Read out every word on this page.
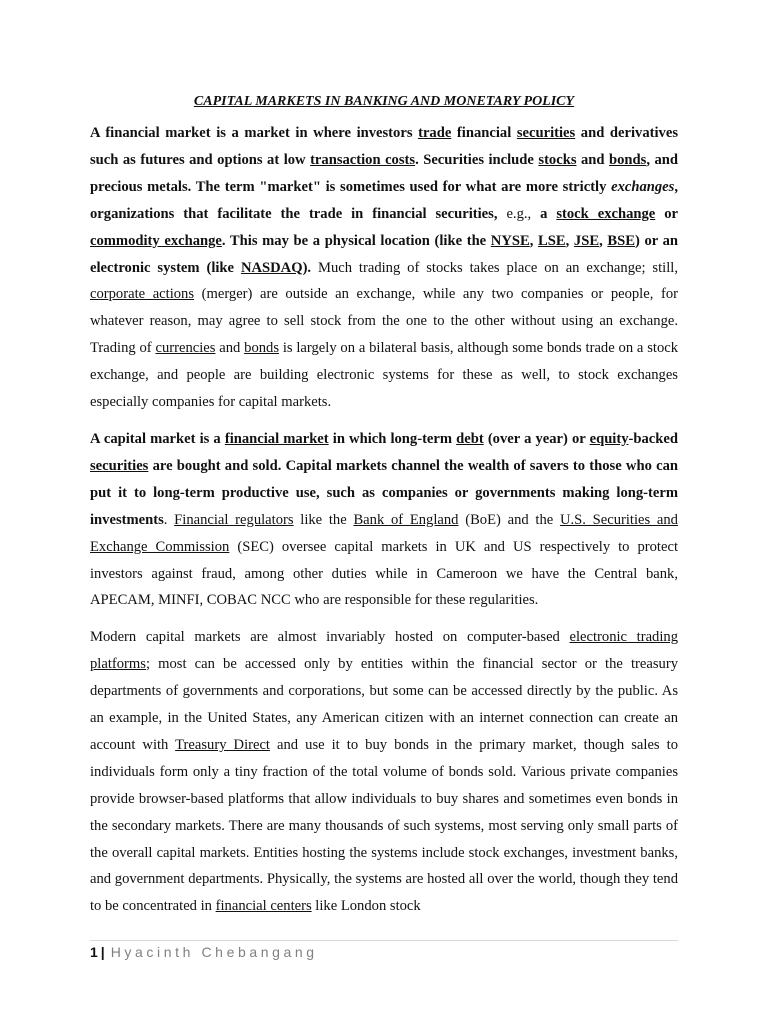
CAPITAL MARKETS IN BANKING AND MONETARY POLICY

A financial market is a market in where investors trade financial securities and derivatives such as futures and options at low transaction costs. Securities include stocks and bonds, and precious metals. The term "market" is sometimes used for what are more strictly exchanges, organizations that facilitate the trade in financial securities, e.g., a stock exchange or commodity exchange. This may be a physical location (like the NYSE, LSE, JSE, BSE) or an electronic system (like NASDAQ). Much trading of stocks takes place on an exchange; still, corporate actions (merger) are outside an exchange, while any two companies or people, for whatever reason, may agree to sell stock from the one to the other without using an exchange. Trading of currencies and bonds is largely on a bilateral basis, although some bonds trade on a stock exchange, and people are building electronic systems for these as well, to stock exchanges especially companies for capital markets.

A capital market is a financial market in which long-term debt (over a year) or equity-backed securities are bought and sold. Capital markets channel the wealth of savers to those who can put it to long-term productive use, such as companies or governments making long-term investments. Financial regulators like the Bank of England (BoE) and the U.S. Securities and Exchange Commission (SEC) oversee capital markets in UK and US respectively to protect investors against fraud, among other duties while in Cameroon we have the Central bank, APECAM, MINFI, COBAC NCC who are responsible for these regularities.

Modern capital markets are almost invariably hosted on computer-based electronic trading platforms; most can be accessed only by entities within the financial sector or the treasury departments of governments and corporations, but some can be accessed directly by the public. As an example, in the United States, any American citizen with an internet connection can create an account with Treasury Direct and use it to buy bonds in the primary market, though sales to individuals form only a tiny fraction of the total volume of bonds sold. Various private companies provide browser-based platforms that allow individuals to buy shares and sometimes even bonds in the secondary markets. There are many thousands of such systems, most serving only small parts of the overall capital markets. Entities hosting the systems include stock exchanges, investment banks, and government departments. Physically, the systems are hosted all over the world, though they tend to be concentrated in financial centers like London stock

1 | Hyacinth Chebangang
